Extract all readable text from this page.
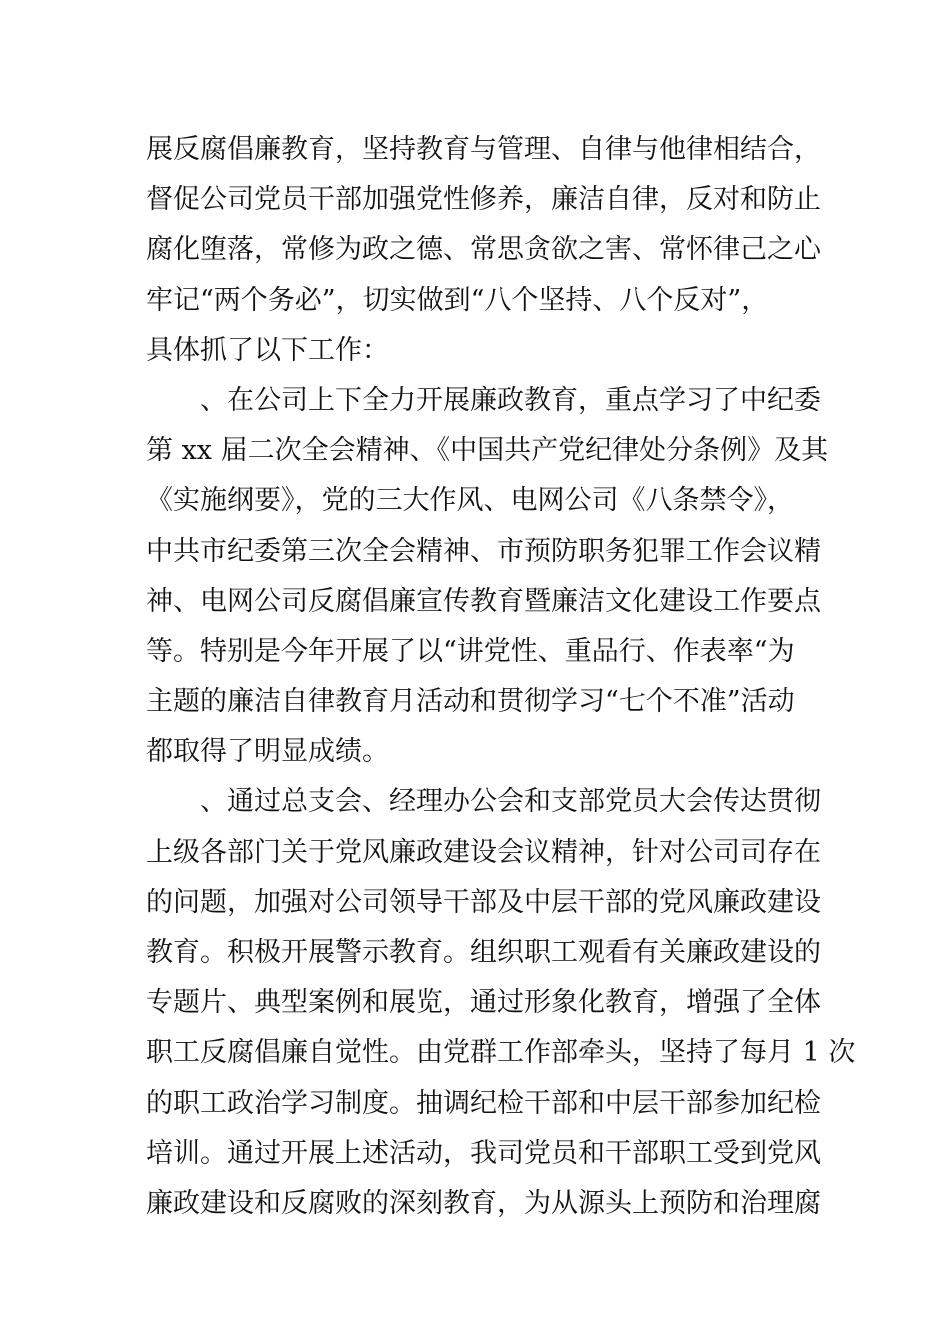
展反腐倡廉教育，坚持教育与管理、自律与他律相结合，
督促公司党员干部加强党性修养，廉洁自律，反对和防止
腐化堕落，常修为政之德、常思贪欲之害、常怀律己之心
牢记“两个务必”，切实做到“八个坚持、八个反对”，
具体抓了以下工作：
、在公司上下全力开展廉政教育，重点学习了中纪委
第 xx 届二次全会精神、《中国共产党纪律处分条例》及其
《实施纲要》，党的三大作风、电网公司《八条禁令》，
中共市纪委第三次全会精神、市预防职务犯罪工作会议精
神、电网公司反腐倡廉宣传教育暨廉洁文化建设工作要点
等。特别是今年开展了以“讲党性、重品行、作表率“为
主题的廉洁自律教育月活动和贯彻学习“七个不准”活动
都取得了明显成绩。
、通过总支会、经理办公会和支部党员大会传达贯彻
上级各部门关于党风廉政建设会议精神，针对公司司存在
的问题，加强对公司领导干部及中层干部的党风廉政建设
教育。积极开展警示教育。组织职工观看有关廉政建设的
专题片、典型案例和展览，通过形象化教育，增强了全体
职工反腐倡廉自觉性。由党群工作部牵头，坚持了每月 1 次
的职工政治学习制度。抽调纪检干部和中层干部参加纪检
培训。通过开展上述活动，我司党员和干部职工受到党风
廉政建设和反腐败的深刻教育，为从源头上预防和治理腐
